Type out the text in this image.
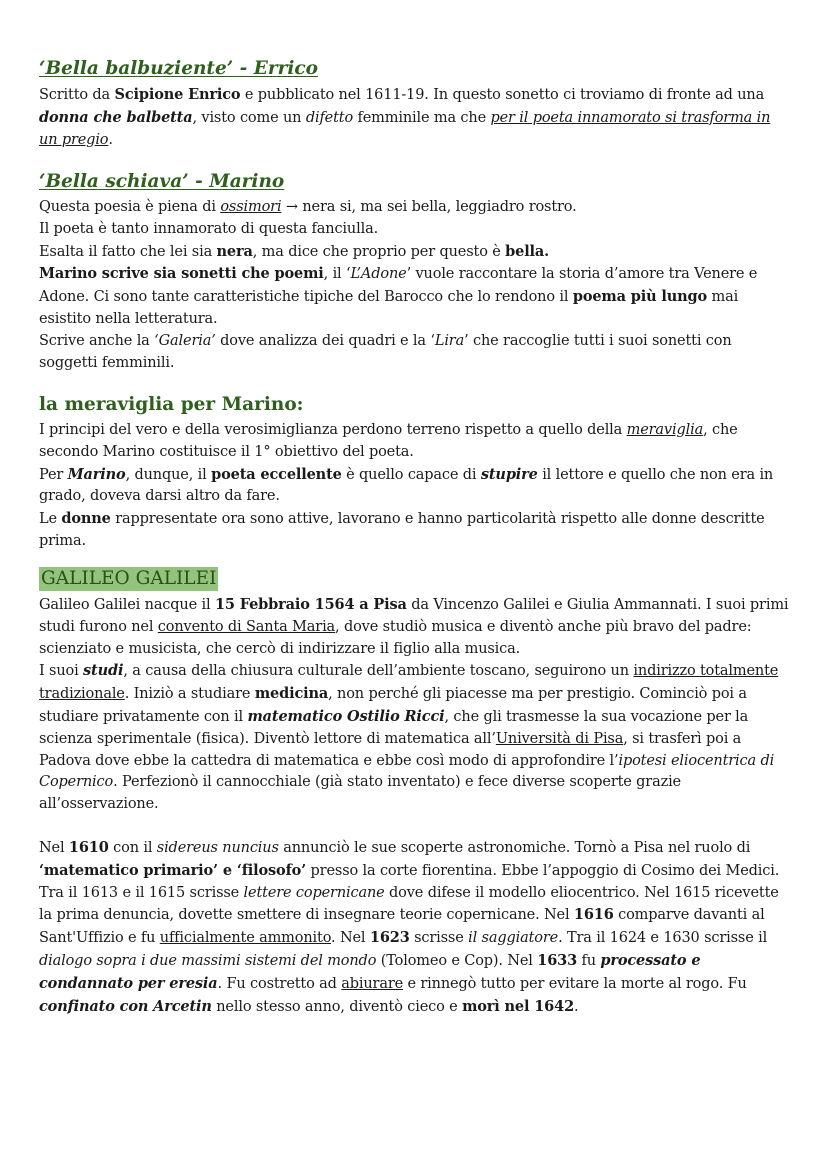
‘Bella balbuziente’ - Errico

Scritto da Scipione Enrico e pubblicato nel 1611-19. In questo sonetto ci troviamo di fronte ad una donna che balbetta, visto come un difetto femminile ma che per il poeta innamorato si trasforma in un pregio.

‘Bella schiava’ - Marino

Questa poesia è piena di ossimori → nera si, ma sei bella, leggiadro rostro.

Il poeta è tanto innamorato di questa fanciulla.

Esalta il fatto che lei sia nera, ma dice che proprio per questo è bella.

Marino scrive sia sonetti che poemi, il ‘L’Adone’ vuole raccontare la storia d’amore tra Venere e Adone. Ci sono tante caratteristiche tipiche del Barocco che lo rendono il poema più lungo mai esistito nella letteratura.

Scrive anche la ‘Galeria’ dove analizza dei quadri e la ‘Lira’ che raccoglie tutti i suoi sonetti con soggetti femminili.

la meraviglia per Marino:

I principi del vero e della verosimiglianza perdono terreno rispetto a quello della meraviglia, che secondo Marino costituisce il 1° obiettivo del poeta.

Per Marino, dunque, il poeta eccellente è quello capace di stupire il lettore e quello che non era in grado, doveva darsi altro da fare.

Le donne rappresentate ora sono attive, lavorano e hanno particolarità rispetto alle donne descritte prima.

GALILEO GALILEI

Galileo Galilei nacque il 15 Febbraio 1564 a Pisa da Vincenzo Galilei e Giulia Ammannati. I suoi primi studi furono nel convento di Santa Maria, dove studiò musica e diventò anche più bravo del padre: scienziato e musicista, che cercò di indirizzare il figlio alla musica.

I suoi studi, a causa della chiusura culturale dell’ambiente toscano, seguirono un indirizzo totalmente tradizionale. Iniziò a studiare medicina, non perché gli piacesse ma per prestigio. Cominciò poi a studiare privatamente con il matematico Ostilio Ricci, che gli trasmesse la sua vocazione per la scienza sperimentale (fisica). Diventò lettore di matematica all’Università di Pisa, si trasferì poi a Padova dove ebbe la cattedra di matematica e ebbe così modo di approfondire l’ipotesi eliocentrica di Copernico. Perfezionò il cannocchiale (già stato inventato) e fece diverse scoperte grazie all’osservazione.

Nel 1610 con il sidereus nuncius annunciò le sue scoperte astronomiche. Tornò a Pisa nel ruolo di ‘matematico primario’ e ‘filosofo’ presso la corte fiorentina. Ebbe l’appoggio di Cosimo dei Medici. Tra il 1613 e il 1615 scrisse lettere copernicane dove difese il modello eliocentrico. Nel 1615 ricevette la prima denuncia, dovette smettere di insegnare teorie copernicane. Nel 1616 comparve davanti al Sant'Uffizio e fu ufficialmente ammonito. Nel 1623 scrisse il saggiatore. Tra il 1624 e 1630 scrisse il dialogo sopra i due massimi sistemi del mondo (Tolomeo e Cop). Nel 1633 fu processato e condannato per eresia. Fu costretto ad abiurare e rinnegò tutto per evitare la morte al rogo. Fu confinato con Arcetin nello stesso anno, diventò cieco e morì nel 1642.
